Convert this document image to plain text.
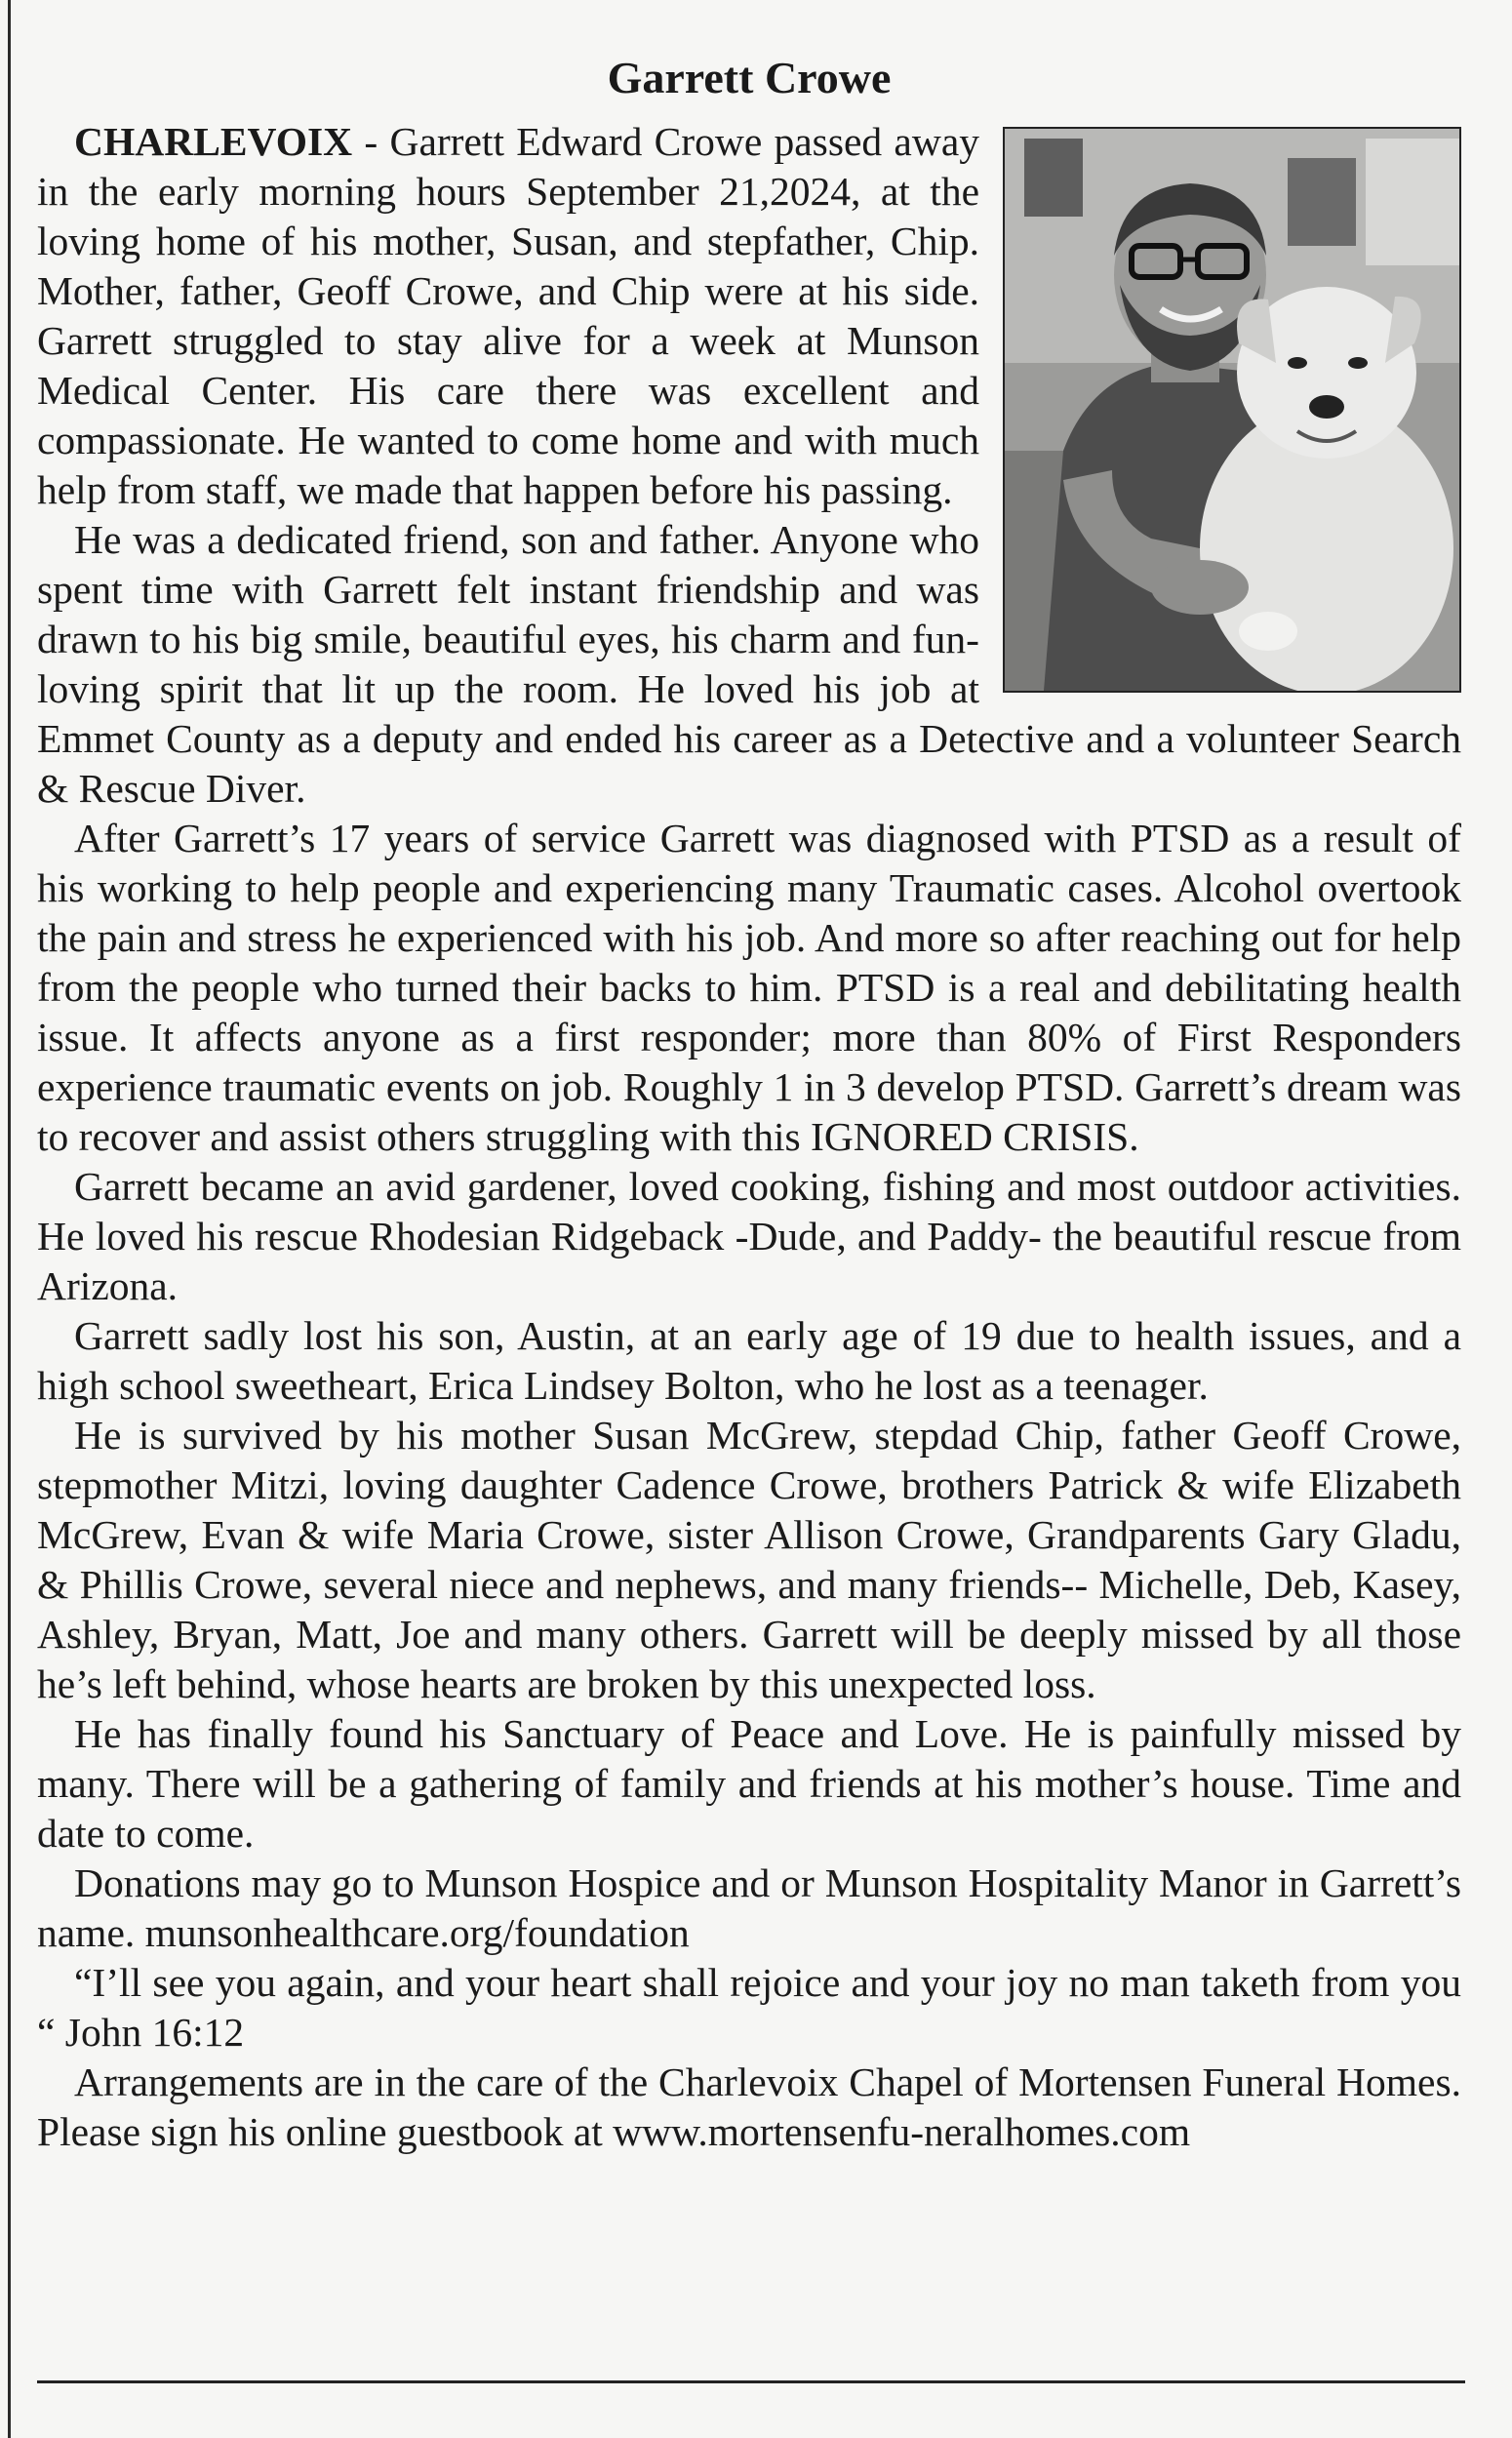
Garrett Crowe

CHARLEVOIX - Garrett Edward Crowe passed away in the early morning hours September 21,2024, at the loving home of his mother, Susan, and stepfather, Chip. Mother, father, Geoff Crowe, and Chip were at his side. Garrett struggled to stay alive for a week at Munson Medical Center. His care there was excellent and compassionate. He wanted to come home and with much help from staff, we made that happen before his passing.

He was a dedicated friend, son and father. Anyone who spent time with Garrett felt instant friendship and was drawn to his big smile, beautiful eyes, his charm and fun-loving spirit that lit up the room. He loved his job at Emmet County as a deputy and ended his career as a Detective and a volunteer Search & Rescue Diver.

After Garrett’s 17 years of service Garrett was diagnosed with PTSD as a result of his working to help people and experiencing many Traumatic cases. Alcohol overtook the pain and stress he experienced with his job. And more so after reaching out for help from the people who turned their backs to him. PTSD is a real and debilitating health issue. It affects anyone as a first responder; more than 80% of First Responders experience traumatic events on job. Roughly 1 in 3 develop PTSD. Garrett’s dream was to recover and assist others struggling with this IGNORED CRISIS.

Garrett became an avid gardener, loved cooking, fishing and most outdoor activities. He loved his rescue Rhodesian Ridgeback -Dude, and Paddy- the beautiful rescue from Arizona.

Garrett sadly lost his son, Austin, at an early age of 19 due to health issues, and a high school sweetheart, Erica Lindsey Bolton, who he lost as a teenager.

He is survived by his mother Susan McGrew, stepdad Chip, father Geoff Crowe, stepmother Mitzi, loving daughter Cadence Crowe, brothers Patrick & wife Elizabeth McGrew, Evan & wife Maria Crowe, sister Allison Crowe, Grandparents Gary Gladu, & Phillis Crowe, several niece and nephews, and many friends-- Michelle, Deb, Kasey, Ashley, Bryan, Matt, Joe and many others. Garrett will be deeply missed by all those he’s left behind, whose hearts are broken by this unexpected loss.

He has finally found his Sanctuary of Peace and Love. He is painfully missed by many. There will be a gathering of family and friends at his mother’s house. Time and date to come.

Donations may go to Munson Hospice and or Munson Hospitality Manor in Garrett’s name. munsonhealthcare.org/foundation

“I’ll see you again, and your heart shall rejoice and your joy no man taketh from you “ John 16:12

Arrangements are in the care of the Charlevoix Chapel of Mortensen Funeral Homes. Please sign his online guestbook at www.mortensenfu-neralhomes.com
